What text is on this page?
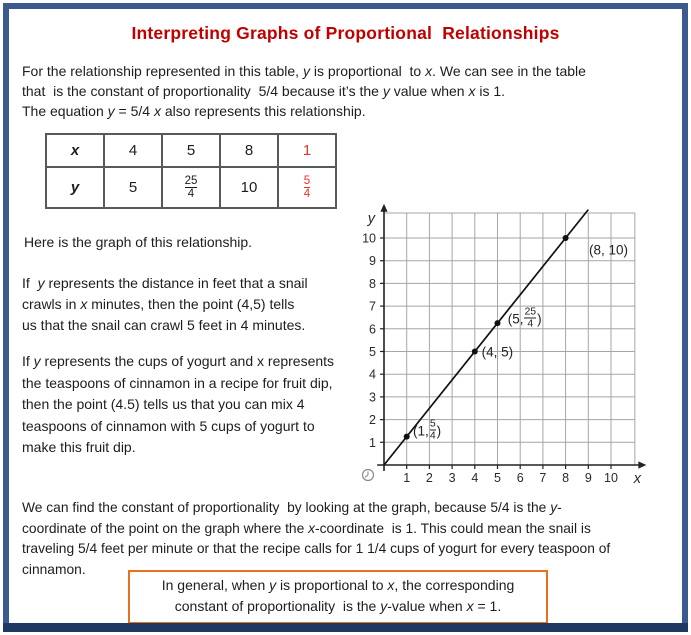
Interpreting Graphs of Proportional  Relationships
For the relationship represented in this table, y is proportional  to x. We can see in the table
that  is the constant of proportionality  5/4 because it’s the y value when x is 1.
The equation y = 5/4 x also represents this relationship.
x	4	5	8	1
y	5	$\frac{25}{4}$	10	$\frac{5}{4}$
Here is the graph of this relationship.
If  y represents the distance in feet that a snail
crawls in x minutes, then the point (4,5) tells
us that the snail can crawl 5 feet in 4 minutes.
If y represents the cups of yogurt and x represents
the teaspoons of cinnamon in a recipe for fruit dip,
then the point (4.5) tells us that you can mix 4
teaspoons of cinnamon with 5 cups of yogurt to
make this fruit dip.
1 2 3 4 5 6 7 8 9 10
1
2
3
4
5
6
7
8
9
10
y
x
(1,
5
4 )
(4, 5)
(5,
25
4 )
(8, 10)
We can find the constant of proportionality  by looking at the graph, because 5/4 is the y-
coordinate of the point on the graph where the x-coordinate  is 1. This could mean the snail is
traveling 5/4 feet per minute or that the recipe calls for 1 1/4 cups of yogurt for every teaspoon of
cinnamon.
In general, when y is proportional to x, the corresponding
constant of proportionality  is the y-value when x = 1.
